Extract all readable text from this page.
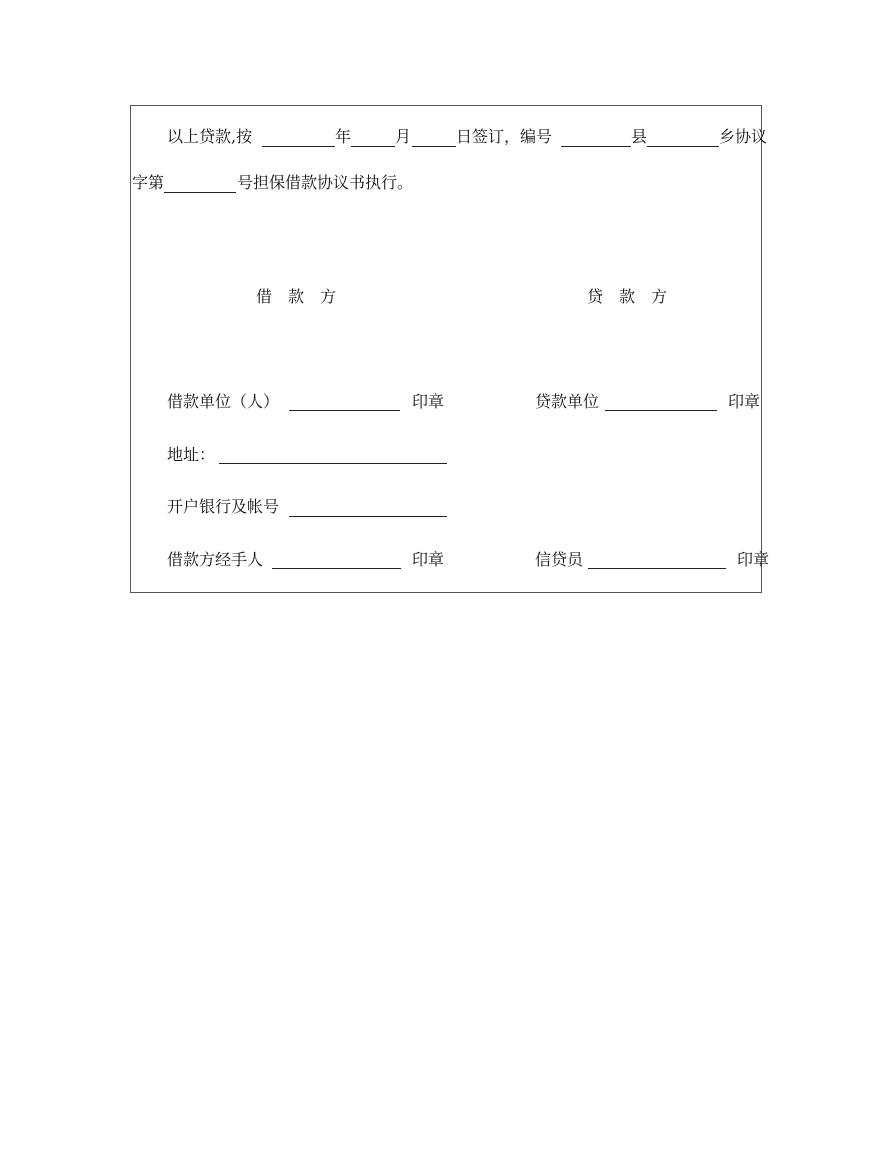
以上贷款,按	年	月	日签订，编号	县	乡协议
字第	号担保借款协议书执行。
借　款　方	贷　款　方
借款单位（人）	印章	贷款单位	印章
地址：
开户银行及帐号
借款方经手人	印章	信贷员	印章
